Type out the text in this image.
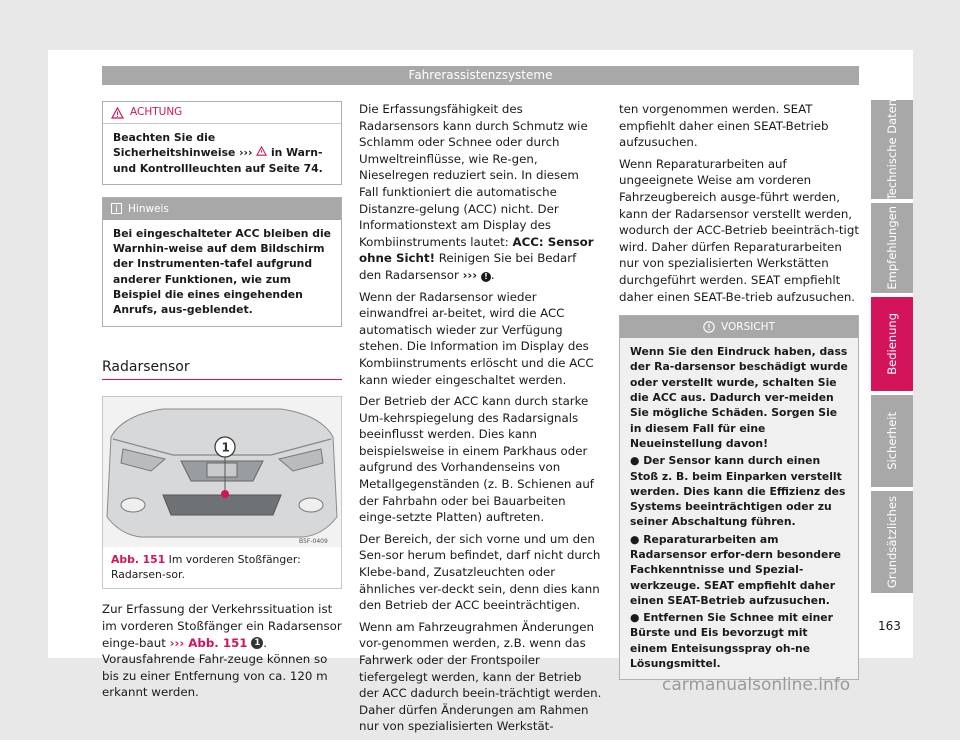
Fahrerassistenzsysteme
Technische Daten
Empfehlungen
Bedienung
Sicherheit
Grundsätzliches
ACHTUNG
Beachten Sie die Sicherheitshinweise ›››  in Warn- und Kontrollleuchten auf Seite 74.
Hinweis
Bei eingeschalteter ACC bleiben die Warnhin-weise auf dem Bildschirm der Instrumenten-tafel aufgrund anderer Funktionen, wie zum Beispiel die eines eingehenden Anrufs, aus-geblendet.
Radarsensor
1
B5F-0409
Abb. 151 Im vorderen Stoßfänger: Radarsen-sor.

Zur Erfassung der Verkehrssituation ist im vorderen Stoßfänger ein Radarsensor einge-baut ››› Abb. 151 1 . Vorausfahrende Fahr-zeuge können so bis zu einer Entfernung von ca. 120 m erkannt werden.

Die Erfassungsfähigkeit des Radarsensors kann durch Schmutz wie Schlamm oder Schnee oder durch Umweltreinflüsse, wie Re-gen, Nieselregen reduziert sein. In diesem Fall funktioniert die automatische Distanzre-gelung (ACC) nicht. Der Informationstext am Display des Kombiinstruments lautet: ACC: Sensor ohne Sicht! Reinigen Sie bei Bedarf den Radarsensor ››› ! .

Wenn der Radarsensor wieder einwandfrei ar-beitet, wird die ACC automatisch wieder zur Verfügung stehen. Die Information im Display des Kombiinstruments erlöscht und die ACC kann wieder eingeschaltet werden.

Der Betrieb der ACC kann durch starke Um-kehrspiegelung des Radarsignals beeinflusst werden. Dies kann beispielsweise in einem Parkhaus oder aufgrund des Vorhandenseins von Metallgegenständen (z. B. Schienen auf der Fahrbahn oder bei Bauarbeiten einge-setzte Platten) auftreten.

Der Bereich, der sich vorne und um den Sen-sor herum befindet, darf nicht durch Klebe-band, Zusatzleuchten oder ähnliches ver-deckt sein, denn dies kann den Betrieb der ACC beeinträchtigen.

Wenn am Fahrzeugrahmen Änderungen vor-genommen werden, z.B. wenn das Fahrwerk oder der Frontspoiler tiefergelegt werden, kann der Betrieb der ACC dadurch beein-trächtigt werden. Daher dürfen Änderungen am Rahmen nur von spezialisierten Werkstät-

ten vorgenommen werden. SEAT empfiehlt daher einen SEAT-Betrieb aufzusuchen.

Wenn Reparaturarbeiten auf ungeeignete Weise am vorderen Fahrzeugbereich ausge-führt werden, kann der Radarsensor verstellt werden, wodurch der ACC-Betrieb beeinträch-tigt wird. Daher dürfen Reparaturarbeiten nur von spezialisierten Werkstätten durchgeführt werden. SEAT empfiehlt daher einen SEAT-Be-trieb aufzusuchen.

VORSICHT
Wenn Sie den Eindruck haben, dass der Ra-darsensor beschädigt wurde oder verstellt wurde, schalten Sie die ACC aus. Dadurch ver-meiden Sie mögliche Schäden. Sorgen Sie in diesem Fall für eine Neueinstellung davon!
● Der Sensor kann durch einen Stoß z. B. beim Einparken verstellt werden. Dies kann die Effizienz des Systems beeinträchtigen oder zu seiner Abschaltung führen.
● Reparaturarbeiten am Radarsensor erfor-dern besondere Fachkenntnisse und Spezial-werkzeuge. SEAT empfiehlt daher einen SEAT-Betrieb aufzusuchen.
● Entfernen Sie Schnee mit einer Bürste und Eis bevorzugt mit einem Enteisungsspray oh-ne Lösungsmittel.
163
carmanualsonline.info
